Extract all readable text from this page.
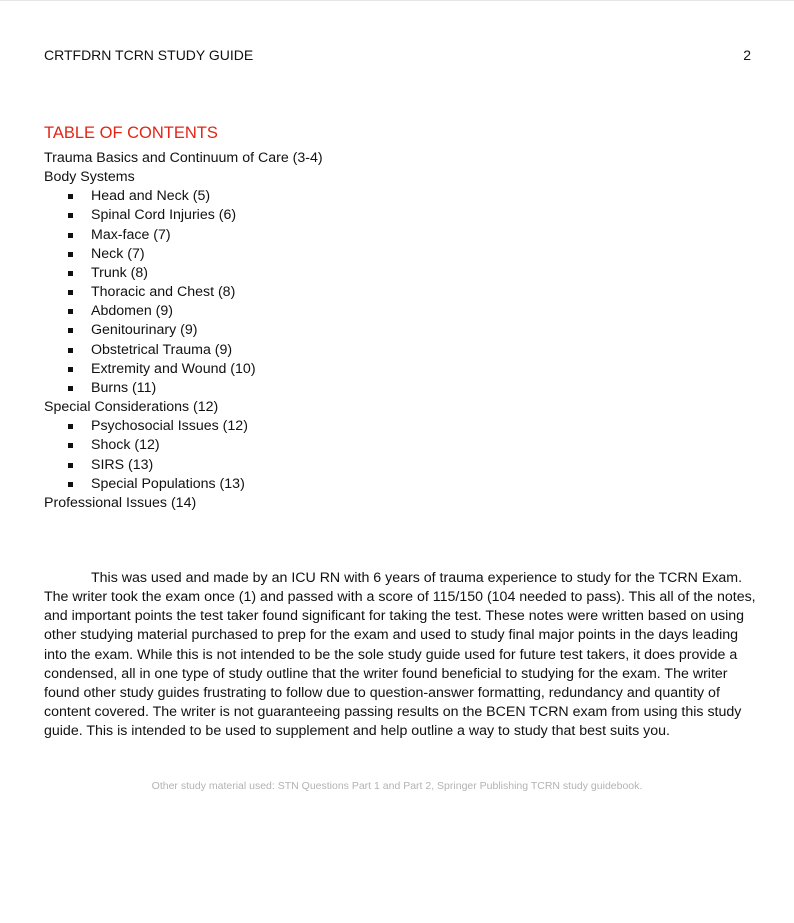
CRTFDRN TCRN STUDY GUIDE	2
TABLE OF CONTENTS
Trauma Basics and Continuum of Care (3-4)
Body Systems
Head and Neck (5)
Spinal Cord Injuries (6)
Max-face (7)
Neck (7)
Trunk (8)
Thoracic and Chest (8)
Abdomen (9)
Genitourinary (9)
Obstetrical Trauma (9)
Extremity and Wound (10)
Burns (11)
Special Considerations (12)
Psychosocial Issues (12)
Shock (12)
SIRS (13)
Special Populations (13)
Professional Issues (14)

This was used and made by an ICU RN with 6 years of trauma experience to study for the TCRN Exam. The writer took the exam once (1) and passed with a score of 115/150 (104 needed to pass). This all of the notes, and important points the test taker found significant for taking the test. These notes were written based on using other studying material purchased to prep for the exam and used to study final major points in the days leading into the exam. While this is not intended to be the sole study guide used for future test takers, it does provide a condensed, all in one type of study outline that the writer found beneficial to studying for the exam. The writer found other study guides frustrating to follow due to question-answer formatting, redundancy and quantity of content covered. The writer is not guaranteeing passing results on the BCEN TCRN exam from using this study guide. This is intended to be used to supplement and help outline a way to study that best suits you.

Other study material used: STN Questions Part 1 and Part 2, Springer Publishing TCRN study guidebook.
